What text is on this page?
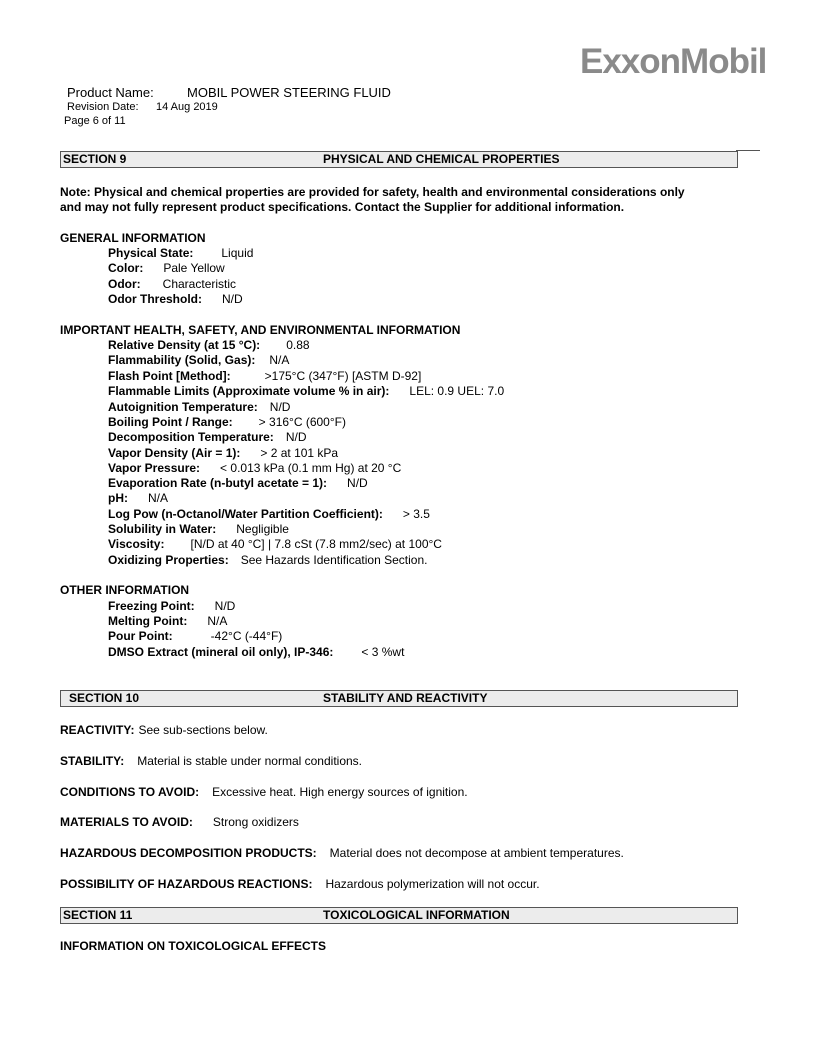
ExxonMobil
Product Name:	MOBIL POWER STEERING FLUID
Revision Date: 14 Aug 2019
Page 6 of 11
SECTION 9	PHYSICAL AND CHEMICAL PROPERTIES
Note: Physical and chemical properties are provided for safety, health and environmental considerations only
and may not fully represent product specifications. Contact the Supplier for additional information.
GENERAL INFORMATION
Physical State: Liquid
Color: Pale Yellow
Odor: Characteristic
Odor Threshold: N/D
IMPORTANT HEALTH, SAFETY, AND ENVIRONMENTAL INFORMATION
Relative Density (at 15 °C): 0.88
Flammability (Solid, Gas): N/A
Flash Point [Method]:	>175°C (347°F) [ASTM D-92]
Flammable Limits (Approximate volume % in air): LEL: 0.9 UEL: 7.0
Autoignition Temperature: N/D
Boiling Point / Range: > 316°C (600°F)
Decomposition Temperature: N/D
Vapor Density (Air = 1): > 2 at 101 kPa
Vapor Pressure: < 0.013 kPa (0.1 mm Hg) at 20 °C
Evaporation Rate (n-butyl acetate = 1): N/D
pH: N/A
Log Pow (n-Octanol/Water Partition Coefficient): > 3.5
Solubility in Water: Negligible
Viscosity: [N/D at 40 °C] | 7.8 cSt (7.8 mm2/sec) at 100°C
Oxidizing Properties: See Hazards Identification Section.
OTHER INFORMATION
Freezing Point: N/D
Melting Point: N/A
Pour Point:	-42°C (-44°F)
DMSO Extract (mineral oil only), IP-346: < 3 %wt
SECTION 10	STABILITY AND REACTIVITY
REACTIVITY: See sub-sections below.
STABILITY: Material is stable under normal conditions.
CONDITIONS TO AVOID: Excessive heat. High energy sources of ignition.
MATERIALS TO AVOID: Strong oxidizers
HAZARDOUS DECOMPOSITION PRODUCTS: Material does not decompose at ambient temperatures.
POSSIBILITY OF HAZARDOUS REACTIONS: Hazardous polymerization will not occur.
SECTION 11	TOXICOLOGICAL INFORMATION
INFORMATION ON TOXICOLOGICAL EFFECTS
